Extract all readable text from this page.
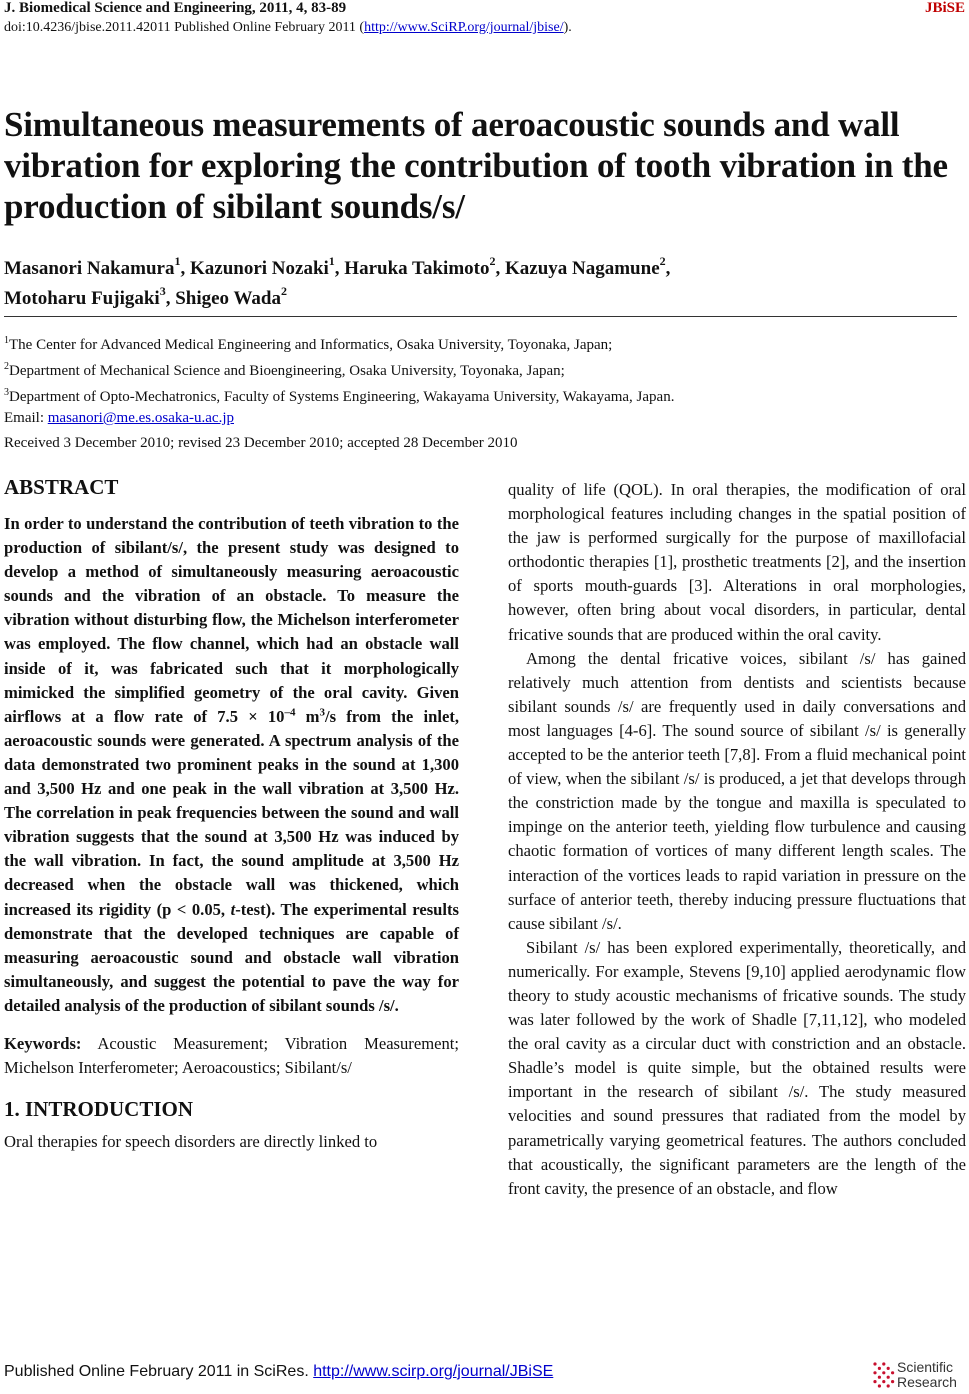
J. Biomedical Science and Engineering, 2011, 4, 83-89	JBiSE
doi:10.4236/jbise.2011.42011 Published Online February 2011 (http://www.SciRP.org/journal/jbise/).
Simultaneous measurements of aeroacoustic sounds and wall vibration for exploring the contribution of tooth vibration in the production of sibilant sounds/s/
Masanori Nakamura$^1$, Kazunori Nozaki$^1$, Haruka Takimoto$^2$, Kazuya Nagamune$^2$,
Motoharu Fujigaki$^3$, Shigeo Wada$^2$
$^1$The Center for Advanced Medical Engineering and Informatics, Osaka University, Toyonaka, Japan;
$^2$Department of Mechanical Science and Bioengineering, Osaka University, Toyonaka, Japan;
$^3$Department of Opto-Mechatronics, Faculty of Systems Engineering, Wakayama University, Wakayama, Japan.
Email: masanori@me.es.osaka-u.ac.jp
Received 3 December 2010; revised 23 December 2010; accepted 28 December 2010
ABSTRACT

In order to understand the contribution of teeth vibration to the production of sibilant/s/, the present study was designed to develop a method of simultaneously measuring aeroacoustic sounds and the vibration of an obstacle. To measure the vibration without disturbing flow, the Michelson interferometer was employed. The flow channel, which had an obstacle wall inside of it, was fabricated such that it morphologically mimicked the simplified geometry of the oral cavity. Given airflows at a flow rate of $7.5 \times 10^{-4}$ $m^3/s$ from the inlet, aeroacoustic sounds were generated. A spectrum analysis of the data demonstrated two prominent peaks in the sound at 1,300 and 3,500 Hz and one peak in the wall vibration at 3,500 Hz. The correlation in peak frequencies between the sound and wall vibration suggests that the sound at 3,500 Hz was induced by the wall vibration. In fact, the sound amplitude at 3,500 Hz decreased when the obstacle wall was thickened, which increased its rigidity (p < 0.05, t-test). The experimental results demonstrate that the developed techniques are capable of measuring aeroacoustic sound and obstacle wall vibration simultaneously, and suggest the potential to pave the way for detailed analysis of the production of sibilant sounds /s/.

Keywords: Acoustic Measurement; Vibration Measurement; Michelson Interferometer; Aeroacoustics; Sibilant/s/

1. INTRODUCTION

Oral therapies for speech disorders are directly linked to

quality of life (QOL). In oral therapies, the modification of oral morphological features including changes in the spatial position of the jaw is performed surgically for the purpose of maxillofacial orthodontic therapies [1], prosthetic treatments [2], and the insertion of sports mouth-guards [3]. Alterations in oral morphologies, however, often bring about vocal disorders, in particular, dental fricative sounds that are produced within the oral cavity.

Among the dental fricative voices, sibilant /s/ has gained relatively much attention from dentists and scientists because sibilant sounds /s/ are frequently used in daily conversations and most languages [4-6]. The sound source of sibilant /s/ is generally accepted to be the anterior teeth [7,8]. From a fluid mechanical point of view, when the sibilant /s/ is produced, a jet that develops through the constriction made by the tongue and maxilla is speculated to impinge on the anterior teeth, yielding flow turbulence and causing chaotic formation of vortices of many different length scales. The interaction of the vortices leads to rapid variation in pressure on the surface of anterior teeth, thereby inducing pressure fluctuations that cause sibilant /s/.

Sibilant /s/ has been explored experimentally, theoretically, and numerically. For example, Stevens [9,10] applied aerodynamic flow theory to study acoustic mechanisms of fricative sounds. The study was later followed by the work of Shadle [7,11,12], who modeled the oral cavity as a circular duct with constriction and an obstacle. Shadle’s model is quite simple, but the obtained results were important in the research of sibilant /s/. The study measured velocities and sound pressures that radiated from the model by parametrically varying geometrical features. The authors concluded that acoustically, the significant parameters are the length of the front cavity, the presence of an obstacle, and flow

Published Online February 2011 in SciRes. http://www.scirp.org/journal/JBiSE	Scientific
Research
